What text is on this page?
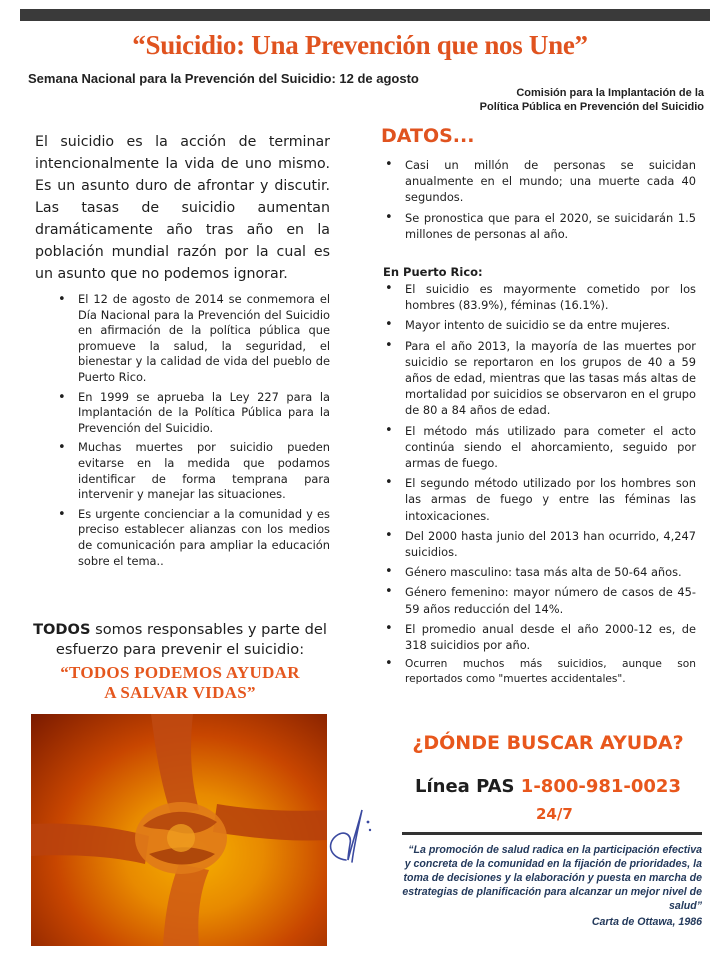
“Suicidio: Una Prevención que nos Une”
Semana Nacional para la Prevención del Suicidio: 12 de agosto
Comisión para la Implantación de la
Política Pública en Prevención del Suicidio

El suicidio es la acción de terminar intencionalmente la vida de uno mismo. Es un asunto duro de afrontar y discutir. Las tasas de suicidio aumentan dramáticamente año tras año en la población mundial razón por la cual es un asunto que no podemos ignorar.

• El 12 de agosto de 2014 se conmemora el Día Nacional para la Prevención del Suicidio en afirmación de la política pública que promueve la salud, la seguridad, el bienestar y la calidad de vida del pueblo de Puerto Rico.
• En 1999 se aprueba la Ley 227 para la Implantación de la Política Pública para la Prevención del Suicidio.
• Muchas muertes por suicidio pueden evitarse en la medida que podamos identificar de forma temprana para intervenir y manejar las situaciones.
• Es urgente concienciar a la comunidad y es preciso establecer alianzas con los medios de comunicación para ampliar la educación sobre el tema..

TODOS somos responsables y parte del esfuerzo para prevenir el suicidio:

“TODOS PODEMOS AYUDAR
A SALVAR VIDAS”
DATOS...
• Casi un millón de personas se suicidan anualmente en el mundo; una muerte cada 40 segundos.
• Se pronostica que para el 2020, se suicidarán 1.5 millones de personas al año.
En Puerto Rico:
• El suicidio es mayormente cometido por los hombres (83.9%), féminas (16.1%).
• Mayor intento de suicidio se da entre mujeres.
• Para el año 2013, la mayoría de las muertes por suicidio se reportaron en los grupos de 40 a 59 años de edad, mientras que las tasas más altas de mortalidad por suicidios se observaron en el grupo de 80 a 84 años de edad.
• El método más utilizado para cometer el acto continúa siendo el ahorcamiento, seguido por armas de fuego.
• El segundo método utilizado por los hombres son las armas de fuego y entre las féminas las intoxicaciones.
• Del 2000 hasta junio del 2013 han ocurrido, 4,247 suicidios.
• Género masculino: tasa más alta de 50-64 años.
• Género femenino: mayor número de casos de 45-59 años reducción del 14%.
• El promedio anual desde el año 2000-12 es, de 318 suicidios por año.
• Ocurren muchos más suicidios, aunque son reportados como "muertes accidentales".
¿DÓNDE BUSCAR AYUDA?
Línea PAS 1-800-981-0023
24/7
“La promoción de salud radica en la participación efectiva y concreta de la comunidad en la fijación de prioridades, la toma de decisiones y la elaboración y puesta en marcha de estrategias de planificación para alcanzar un mejor nivel de salud”
Carta de Ottawa, 1986
